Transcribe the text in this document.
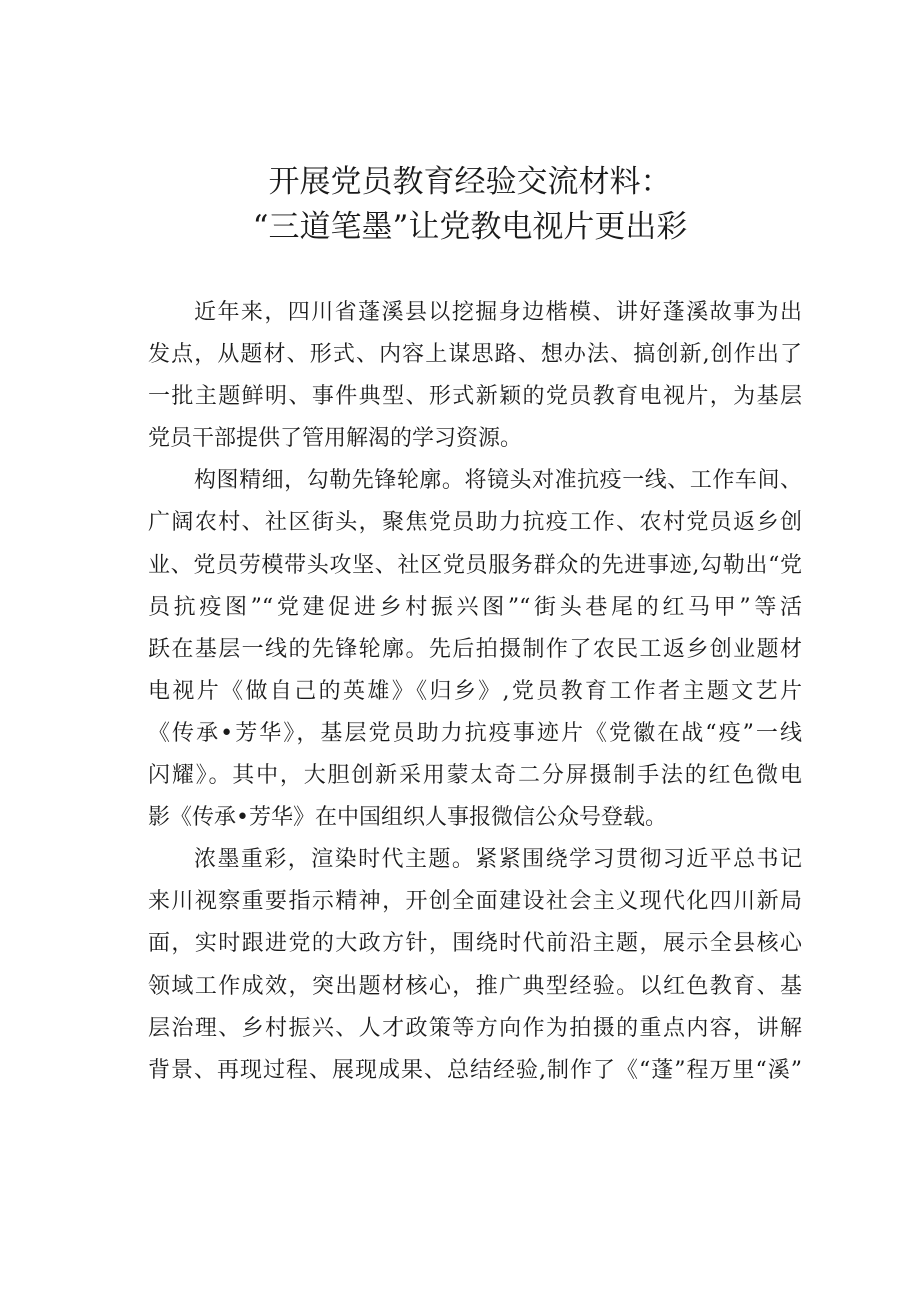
开展党员教育经验交流材料：
“三道笔墨”让党教电视片更出彩
近年来，四川省蓬溪县以挖掘身边楷模、讲好蓬溪故事为出
发点，从题材、形式、内容上谋思路、想办法、搞创新,创作出了
一批主题鲜明、事件典型、形式新颖的党员教育电视片，为基层
党员干部提供了管用解渴的学习资源。
构图精细，勾勒先锋轮廓。将镜头对准抗疫一线、工作车间、
广阔农村、社区街头，聚焦党员助力抗疫工作、农村党员返乡创
业、党员劳模带头攻坚、社区党员服务群众的先进事迹,勾勒出“党
员抗疫图”“党建促进乡村振兴图”“街头巷尾的红马甲”等活
跃在基层一线的先锋轮廓。先后拍摄制作了农民工返乡创业题材
电视片《做自己的英雄》《归乡》,党员教育工作者主题文艺片
《传承•芳华》，基层党员助力抗疫事迹片《党徽在战“疫”一线
闪耀》。其中，大胆创新采用蒙太奇二分屏摄制手法的红色微电
影《传承•芳华》在中国组织人事报微信公众号登载。
浓墨重彩，渲染时代主题。紧紧围绕学习贯彻习近平总书记
来川视察重要指示精神，开创全面建设社会主义现代化四川新局
面，实时跟进党的大政方针，围绕时代前沿主题，展示全县核心
领域工作成效，突出题材核心，推广典型经验。以红色教育、基
层治理、乡村振兴、人才政策等方向作为拍摄的重点内容，讲解
背景、再现过程、展现成果、总结经验,制作了《“蓬”程万里“溪”
